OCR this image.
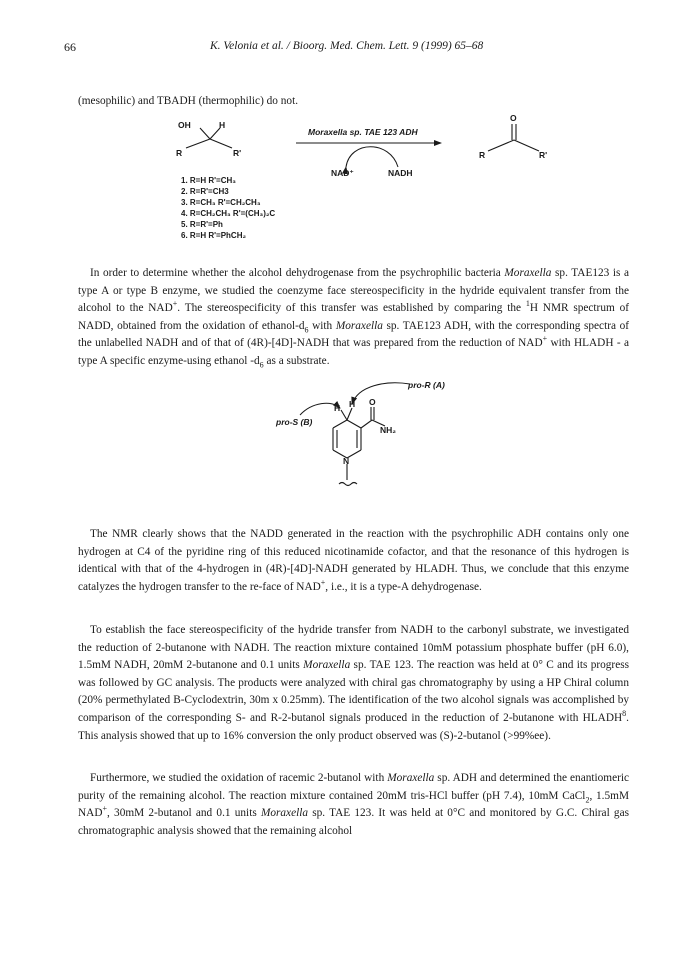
66	K. Velonia et al. / Bioorg. Med. Chem. Lett. 9 (1999) 65–68

(mesophilic) and TBADH (thermophilic) do not.

OH	H
R	R'
Moraxella sp. TAE 123 ADH
NAD⁺	NADH
O
R	R'
1. R=H R'=CH₃
2. R=R'=CH3
3. R=CH₃ R'=CH₂CH₃
4. R=CH₂CH₃ R'=(CH₃)₂C
5. R=R'=Ph
6. R=H R'=PhCH₂

In order to determine whether the alcohol dehydrogenase from the psychrophilic bacteria Moraxella sp. TAE123 is a type A or type B enzyme, we studied the coenzyme face stereospecificity in the hydride equivalent transfer from the alcohol to the NAD+. The stereospecificity of this transfer was established by comparing the $^1$H NMR spectrum of NADD, obtained from the oxidation of ethanol-$d_6$ with Moraxella sp. TAE123 ADH, with the corresponding spectra of the unlabelled NADH and of that of (4R)-[4D]-NADH that was prepared from the reduction of NAD+ with HLADH - a type A specific enzyme-using ethanol $-d_6$ as a substrate.

pro-R (A)
pro-S (B)
H H O
NH₂
N

The NMR clearly shows that the NADD generated in the reaction with the psychrophilic ADH contains only one hydrogen at C4 of the pyridine ring of this reduced nicotinamide cofactor, and that the resonance of this hydrogen is identical with that of the 4-hydrogen in (4R)-[4D]-NADH generated by HLADH. Thus, we conclude that this enzyme catalyzes the hydrogen transfer to the re-face of NAD+, i.e., it is a type-A dehydrogenase.

To establish the face stereospecificity of the hydride transfer from NADH to the carbonyl substrate, we investigated the reduction of 2-butanone with NADH. The reaction mixture contained 10mM potassium phosphate buffer (pH 6.0), 1.5mM NADH, 20mM 2-butanone and 0.1 units Moraxella sp. TAE 123. The reaction was held at 0° C and its progress was followed by GC analysis. The products were analyzed with chiral gas chromatography by using a HP Chiral column (20% permethylated B-Cyclodextrin, 30m x 0.25mm). The identification of the two alcohol signals was accomplished by comparison of the corresponding S- and R-2-butanol signals produced in the reduction of 2-butanone with HLADH$^8$. This analysis showed that up to 16% conversion the only product observed was (S)-2-butanol (>99%ee).

Furthermore, we studied the oxidation of racemic 2-butanol with Moraxella sp. ADH and determined the enantiomeric purity of the remaining alcohol. The reaction mixture contained 20mM tris-HCl buffer (pH 7.4), 10mM CaCl$_2$, 1.5mM NAD+, 30mM 2-butanol and 0.1 units Moraxella sp. TAE 123. It was held at 0°C and monitored by G.C. Chiral gas chromatographic analysis showed that the remaining alcohol
